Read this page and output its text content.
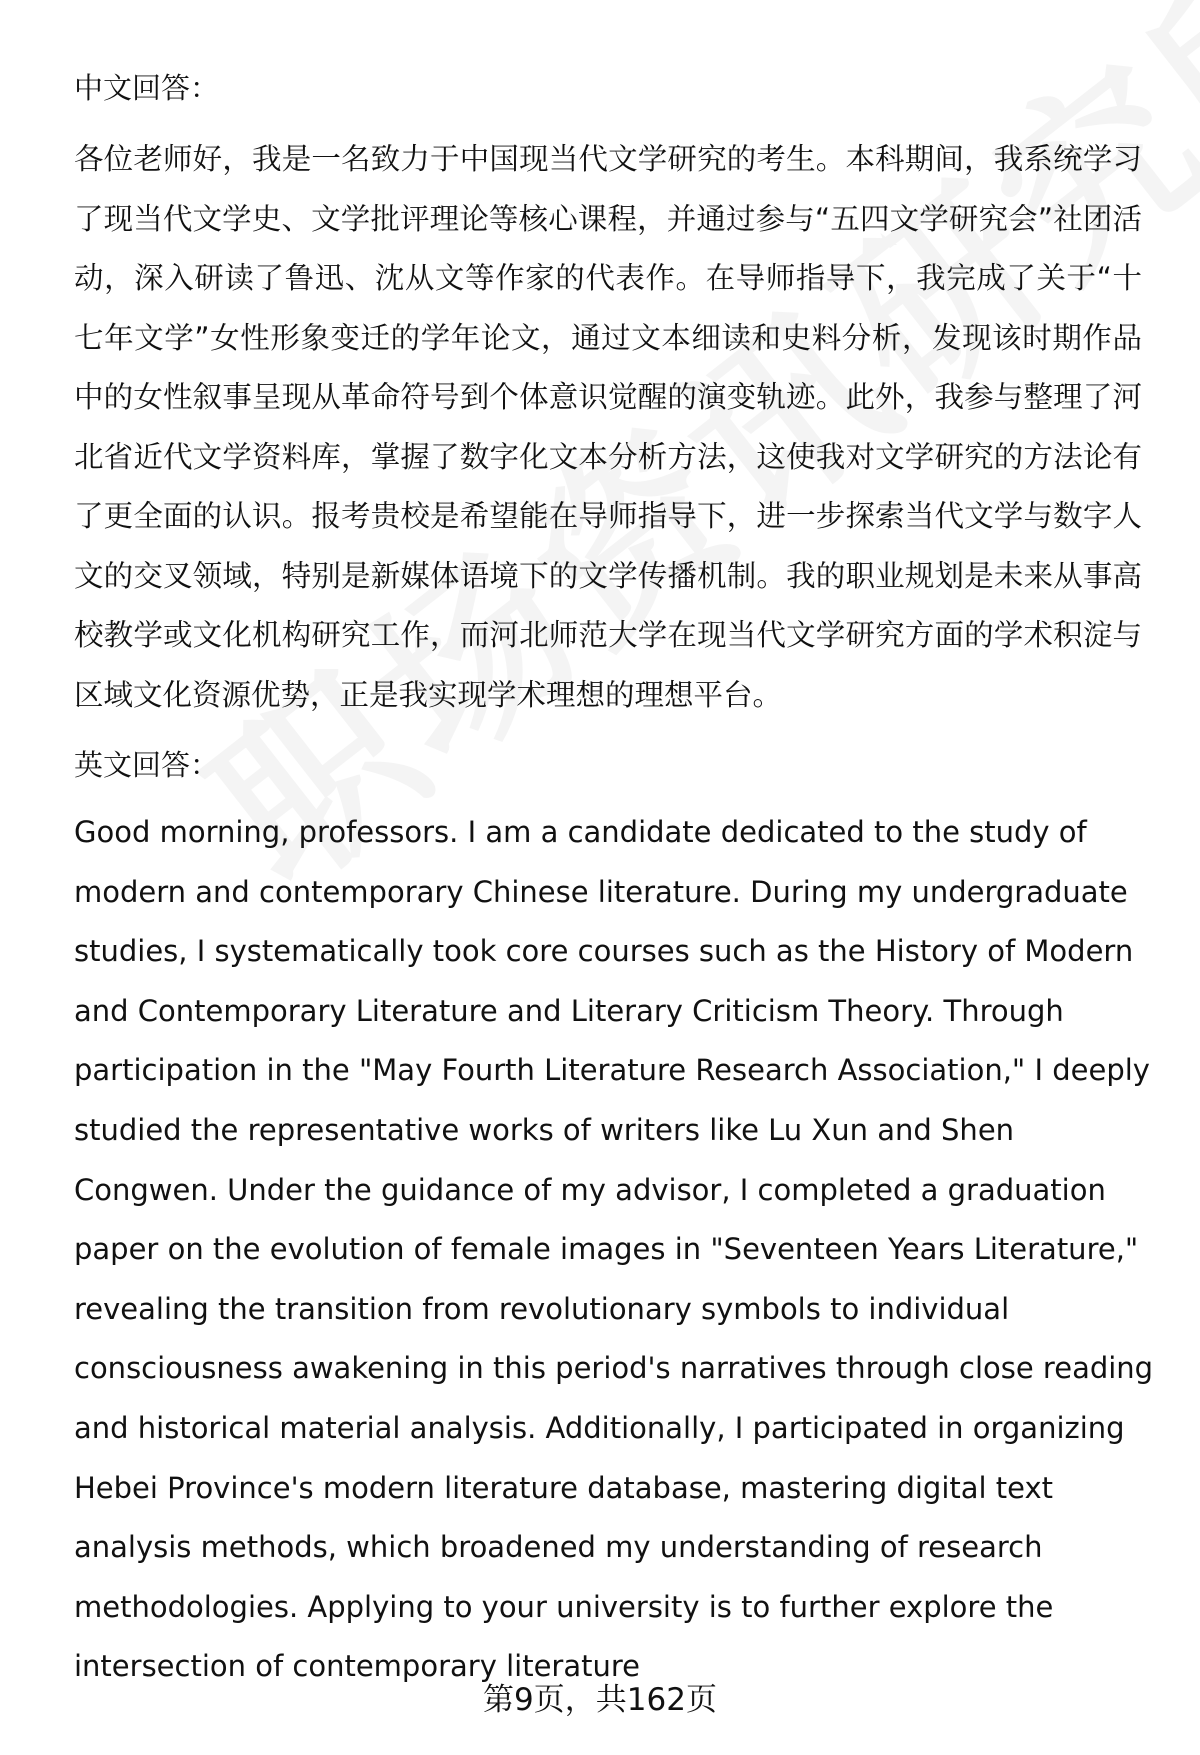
中文回答：
各位老师好，我是一名致力于中国现当代文学研究的考生。本科期间，我系统学习了现当代文学史、文学批评理论等核心课程，并通过参与“五四文学研究会”社团活动，深入研读了鲁迅、沈从文等作家的代表作。在导师指导下，我完成了关于“十七年文学”女性形象变迁的学年论文，通过文本细读和史料分析，发现该时期作品中的女性叙事呈现从革命符号到个体意识觉醒的演变轨迹。此外，我参与整理了河北省近代文学资料库，掌握了数字化文本分析方法，这使我对文学研究的方法论有了更全面的认识。报考贵校是希望能在导师指导下，进一步探索当代文学与数字人文的交叉领域，特别是新媒体语境下的文学传播机制。我的职业规划是未来从事高校教学或文化机构研究工作，而河北师范大学在现当代文学研究方面的学术积淀与区域文化资源优势，正是我实现学术理想的理想平台。
英文回答：
Good morning, professors. I am a candidate dedicated to the study of modern and contemporary Chinese literature. During my undergraduate studies, I systematically took core courses such as the History of Modern and Contemporary Literature and Literary Criticism Theory. Through participation in the "May Fourth Literature Research Association," I deeply studied the representative works of writers like Lu Xun and Shen Congwen. Under the guidance of my advisor, I completed a graduation paper on the evolution of female images in "Seventeen Years Literature," revealing the transition from revolutionary symbols to individual consciousness awakening in this period's narratives through close reading and historical material analysis. Additionally, I participated in organizing Hebei Province's modern literature database, mastering digital text analysis methods, which broadened my understanding of research methodologies. Applying to your university is to further explore the intersection of contemporary literature
第9页，共162页
